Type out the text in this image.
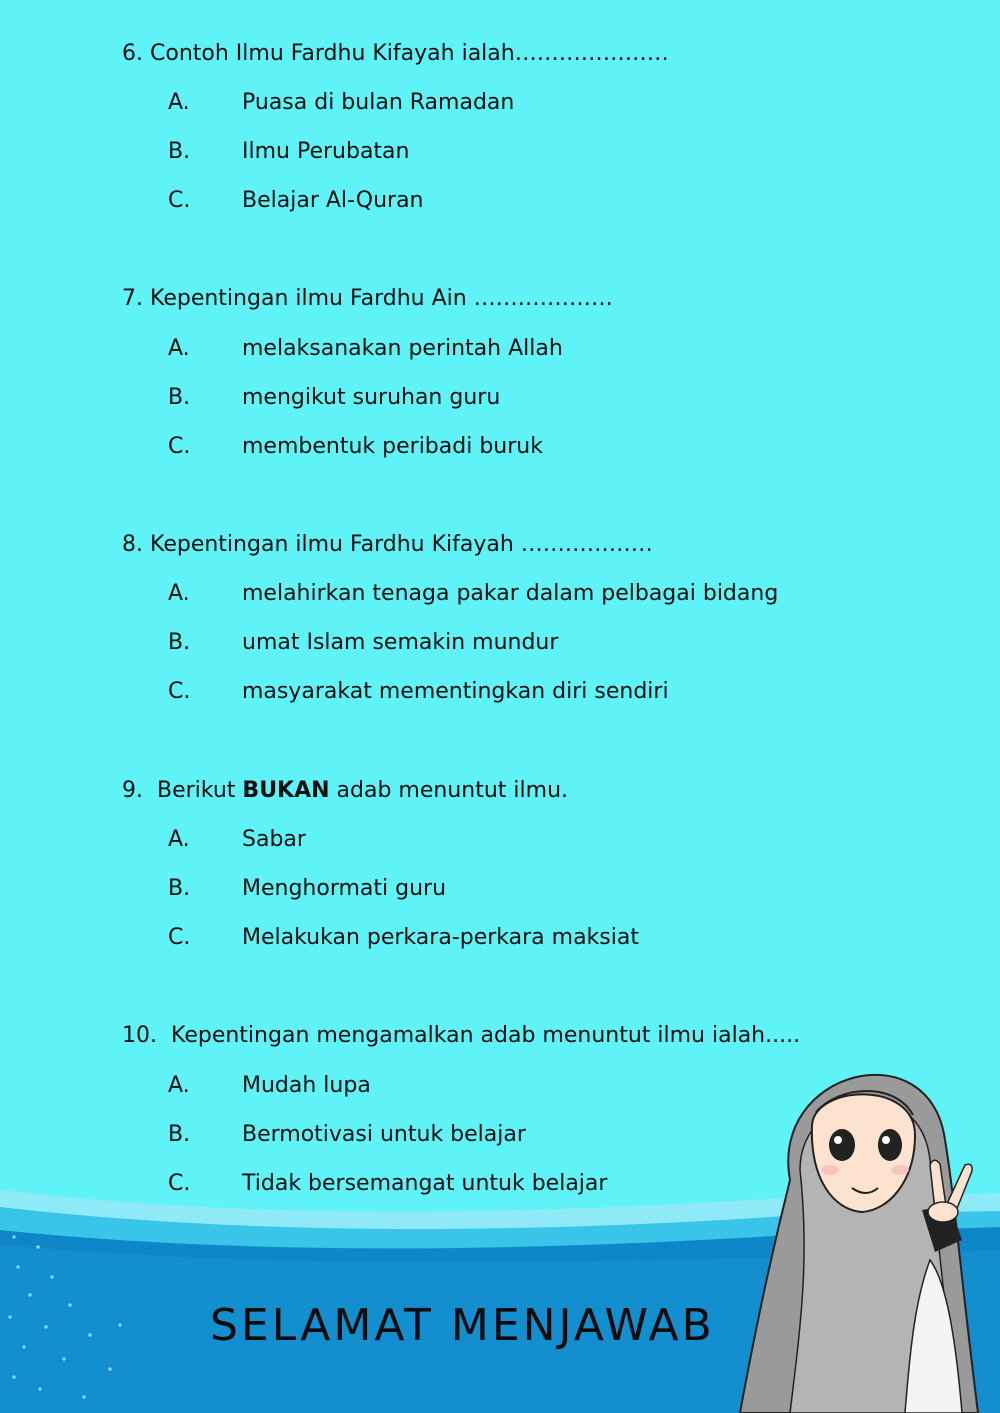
6. Contoh Ilmu Fardhu Kifayah ialah…………………
A. Puasa di bulan Ramadan
B. Ilmu Perubatan
C. Belajar Al-Quran
7. Kepentingan ilmu Fardhu Ain ……………….
A. melaksanakan perintah Allah
B. mengikut suruhan guru
C. membentuk peribadi buruk
8. Kepentingan ilmu Fardhu Kifayah ………………
A. melahirkan tenaga pakar dalam pelbagai bidang
B. umat Islam semakin mundur
C. masyarakat mementingkan diri sendiri
9. Berikut BUKAN adab menuntut ilmu.
A. Sabar
B. Menghormati guru
C. Melakukan perkara-perkara maksiat
10. Kepentingan mengamalkan adab menuntut ilmu ialah.....
A. Mudah lupa
B. Bermotivasi untuk belajar
C. Tidak bersemangat untuk belajar
SELAMAT MENJAWAB
